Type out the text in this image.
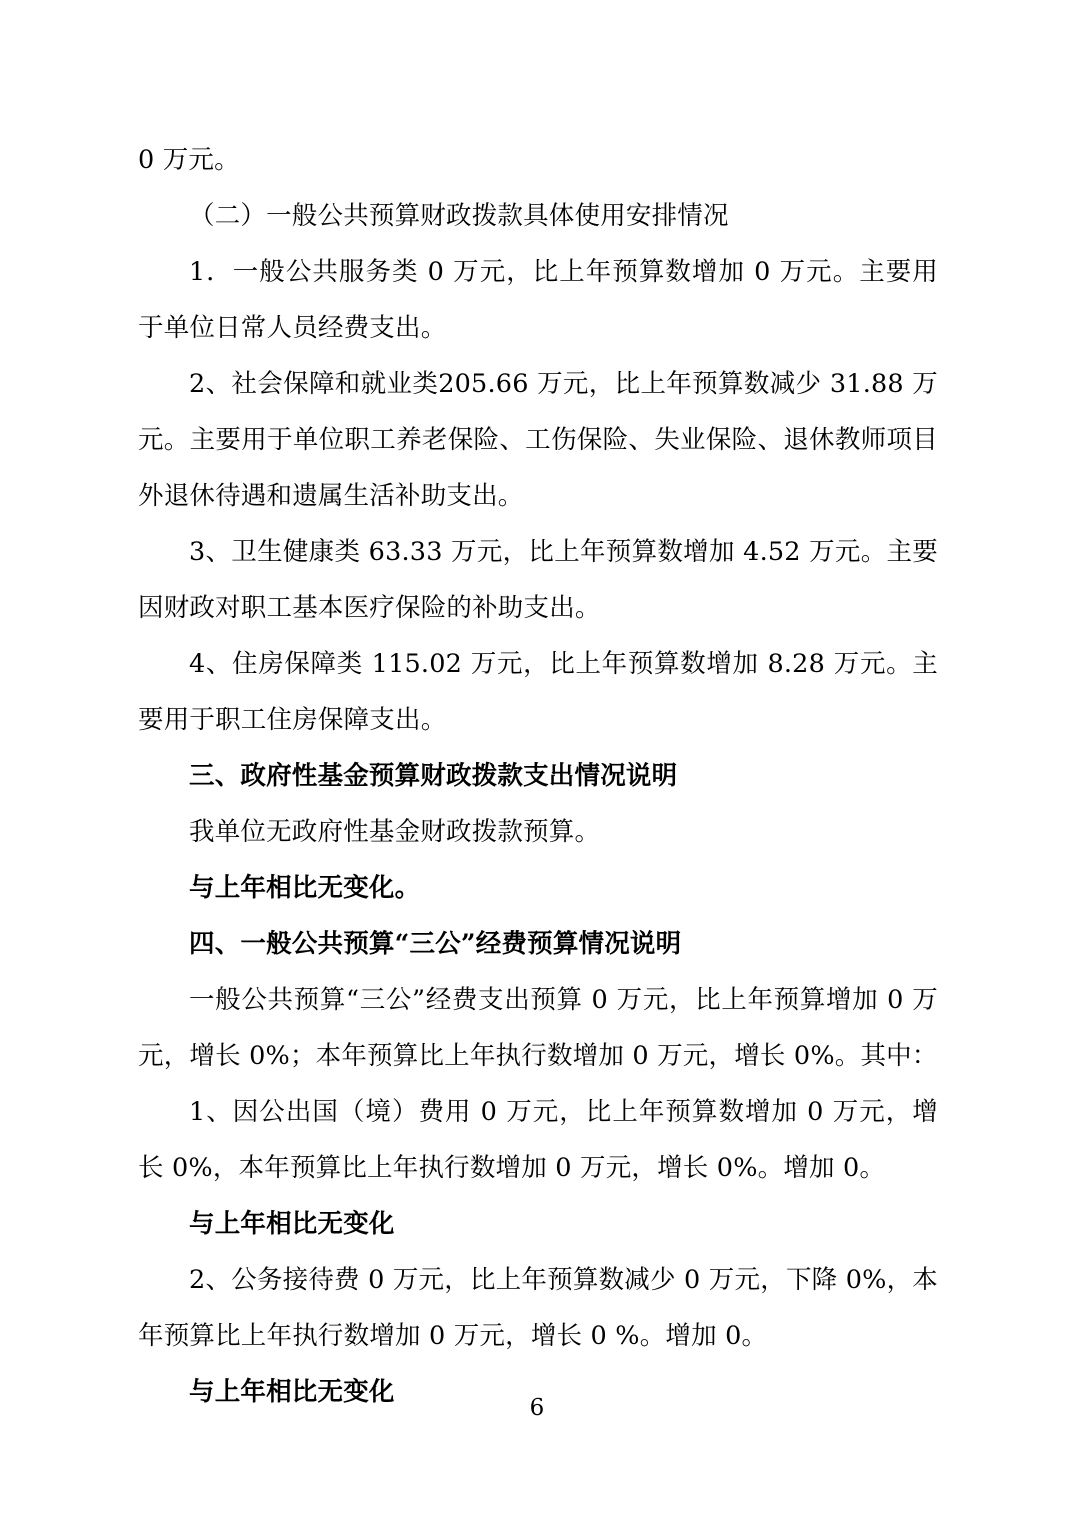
0 万元。

（二）一般公共预算财政拨款具体使用安排情况

1．一般公共服务类 0 万元，比上年预算数增加 0 万元。主要用于单位日常人员经费支出。

2、社会保障和就业类205.66 万元，比上年预算数减少 31.88 万元。主要用于单位职工养老保险、工伤保险、失业保险、退休教师项目外退休待遇和遗属生活补助支出。

3、卫生健康类 63.33 万元，比上年预算数增加 4.52 万元。主要因财政对职工基本医疗保险的补助支出。

4、住房保障类 115.02 万元，比上年预算数增加 8.28 万元。主要用于职工住房保障支出。

三、政府性基金预算财政拨款支出情况说明

我单位无政府性基金财政拨款预算。

与上年相比无变化。

四、一般公共预算“三公”经费预算情况说明

一般公共预算“三公”经费支出预算 0 万元，比上年预算增加 0 万元，增长 0%；本年预算比上年执行数增加 0 万元，增长 0%。其中：

1、因公出国（境）费用 0 万元，比上年预算数增加 0 万元，增长 0%，本年预算比上年执行数增加 0 万元，增长 0%。增加 0。

与上年相比无变化

2、公务接待费 0 万元，比上年预算数减少 0 万元，下降 0%，本年预算比上年执行数增加 0 万元，增长 0 %。增加 0。

与上年相比无变化

6
